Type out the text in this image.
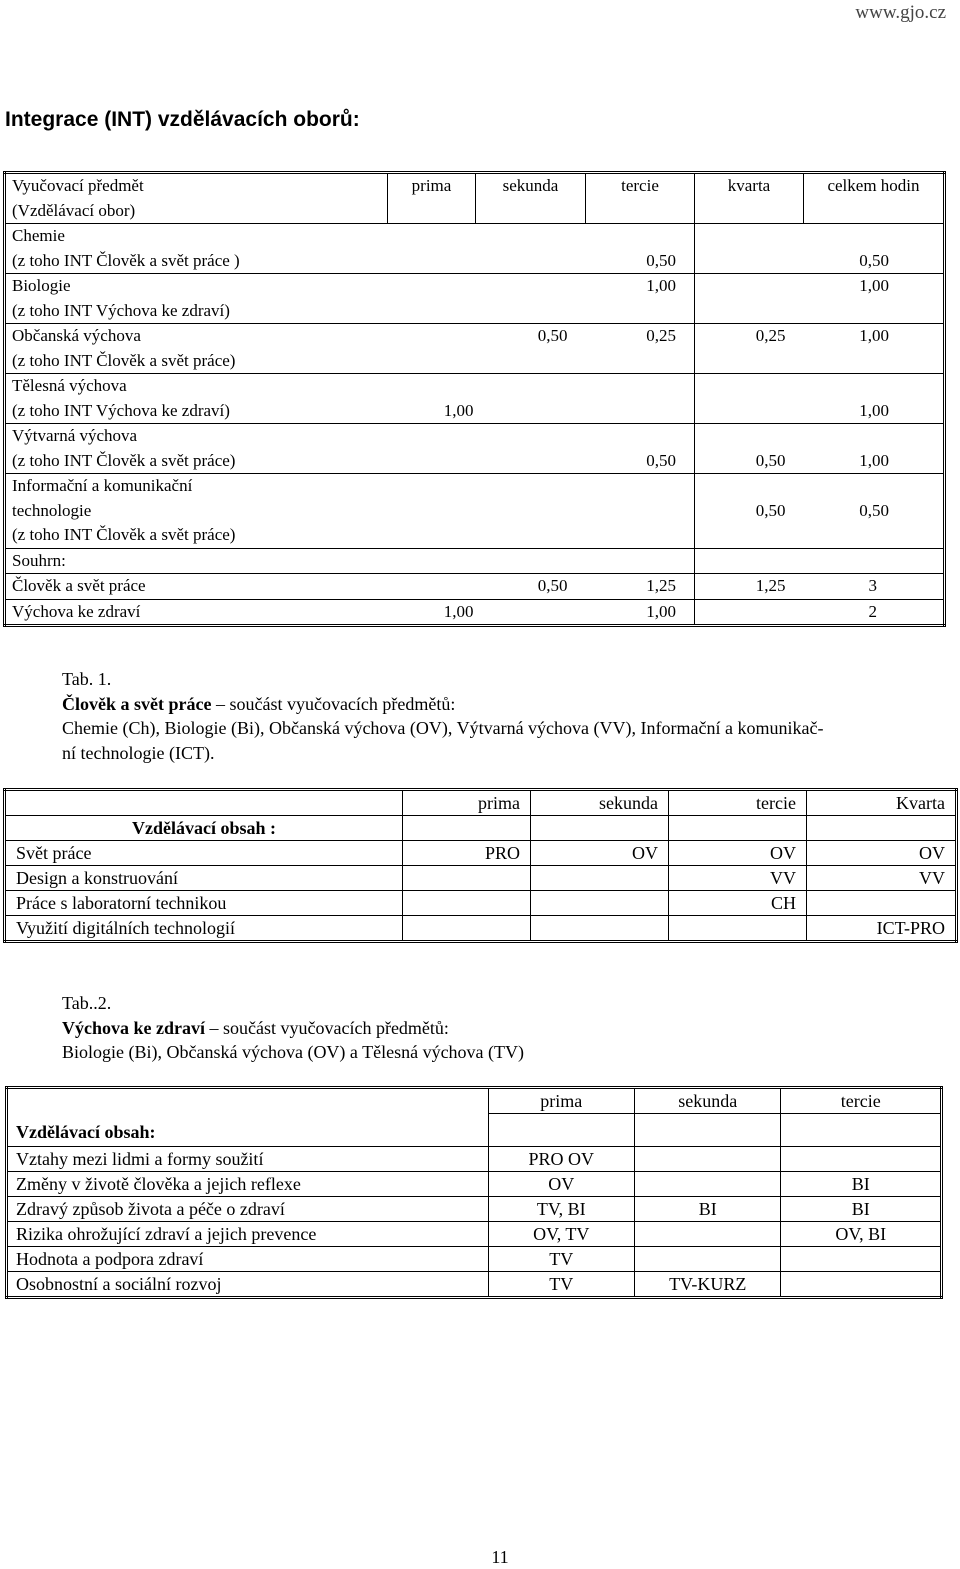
www.gjo.cz
Integrace (INT) vzdělávacích oborů:
Vyučovací předmět
(Vzdělávací obor)	prima	sekunda	tercie	kvarta	celkem hodin

Chemie
(z toho INT Člověk a svět práce )			0,50		0,50

Biologie
(z toho INT Výchova ke zdraví)			1,00		1,00

Občanská výchova
(z toho INT Člověk a svět práce)		0,50	0,25	0,25	1,00

Tělesná výchova
(z toho INT Výchova ke zdraví)	1,00				1,00

Výtvarná výchova
(z toho INT Člověk a svět práce)			0,50	0,50	1,00

Informační a komunikační
technologie
(z toho INT Člověk a svět práce)				0,50	0,50
Souhrn:					
Člověk a svět práce		0,50	1,25	1,25	3
Výchova ke zdraví	1,00		1,00		2
Tab. 1.
Člověk a svět práce – součást vyučovacích předmětů:
Chemie (Ch), Biologie (Bi), Občanská výchova (OV), Výtvarná výchova (VV), Informační a komunikač-
ní technologie (ICT).
	prima	sekunda	tercie	Kvarta
Vzdělávací obsah :				
Svět práce	PRO	OV	OV	OV
Design a konstruování			VV	VV
Práce s laboratorní technikou			CH	
Využití digitálních technologií				ICT-PRO
Tab..2.
Výchova ke zdraví – součást vyučovacích předmětů:
Biologie (Bi), Občanská výchova (OV) a Tělesná výchova (TV)
Vzdělávací obsah:	prima	sekunda	tercie

Vztahy mezi lidmi a formy soužití	PRO OV		
Změny v životě člověka a jejich reflexe	OV		BI
Zdravý způsob života a péče o zdraví	TV, BI	BI	BI
Rizika ohrožující zdraví a jejich prevence	OV, TV		OV, BI
Hodnota a podpora zdraví	TV		
Osobnostní a sociální rozvoj	TV	TV-KURZ	
11
